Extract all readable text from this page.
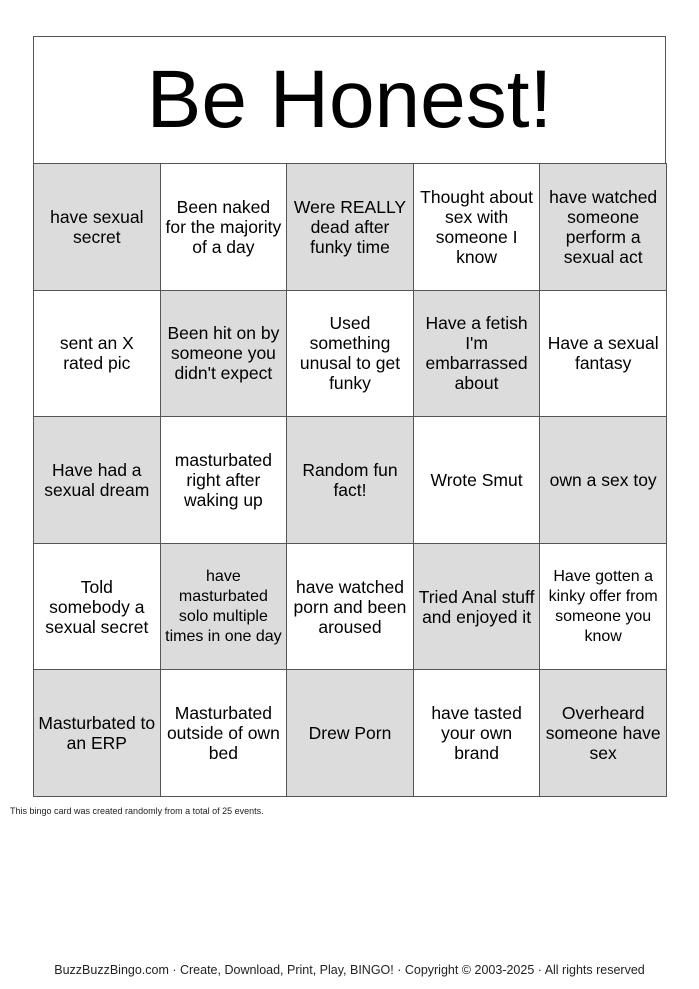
Be Honest!
have sexual secret
Been naked for the majority of a day
Were REALLY dead after funky time
Thought about sex with someone I know
have watched someone perform a sexual act
sent an X rated pic
Been hit on by someone you didn't expect
Used something unusal to get funky
Have a fetish I'm embarrassed about
Have a sexual fantasy
Have had a sexual dream
masturbated right after waking up
Random fun fact!	Wrote Smut own a sex toy
Told somebody a sexual secret
have masturbated solo multiple times in one day
have watched porn and been aroused
Tried Anal stuff and enjoyed it
Have gotten a kinky offer from someone you know
Masturbated to an ERP
Masturbated outside of own bed
Drew Porn
have tasted your own brand
Overheard someone have sex
This bingo card was created randomly from a total of 25 events.
BuzzBuzzBingo.com · Create, Download, Print, Play, BINGO! · Copyright © 2003-2025 · All rights reserved
